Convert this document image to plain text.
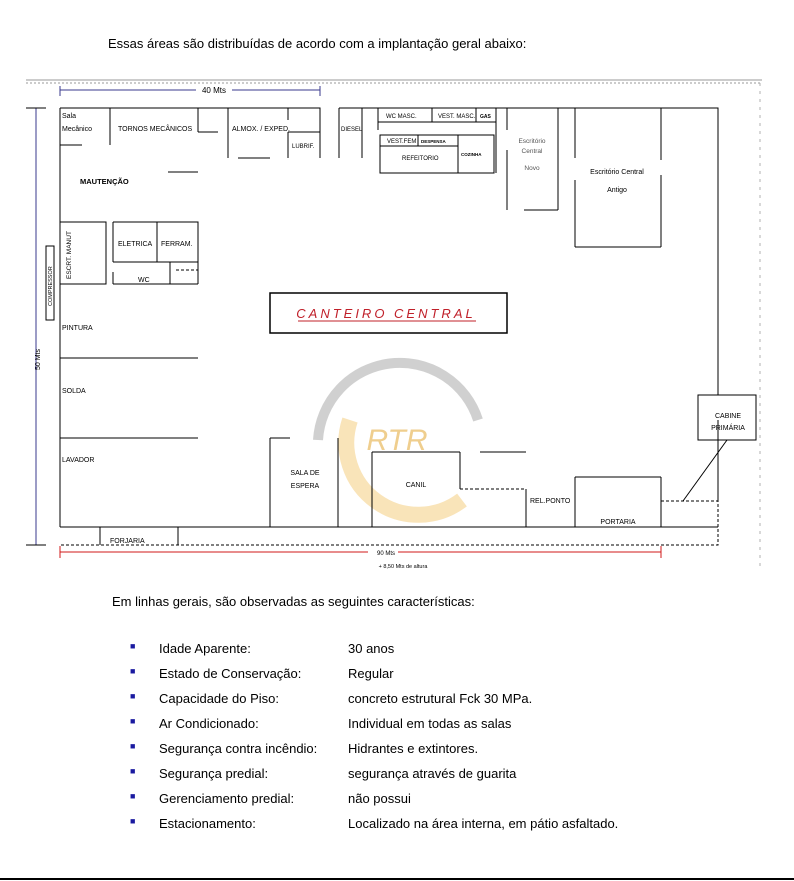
Essas áreas são distribuídas de acordo com a implantação geral abaixo:
RTR
40 Mts
50 Mts
90 Mts
+ 8,50 Mts de altura
Sala
Mecânico	TORNOS MECÂNICOS	ALMOX. / EXPED.
LUBRIF.
DIESEL
WC MASC.	VEST. MASC. GAS
VEST.FEM DESPENSA
REFEITORIO
COZINHA
Escritório
Central
Novo
Escritório Central
Antigo
MAUTENÇÃO
ESCRT. MANUT	ELETRICA FERRAM.
WC
COMPRESSOR
CANTEIRO CENTRAL
PINTURA
SOLDA
LAVADOR
FORJARIA
SALA DE
ESPERA	CANIL
REL.PONTO
PORTARIA
CABINE
PRIMÁRIA
Em linhas gerais, são observadas as seguintes características:
■ Idade Aparente:	30 anos
■ Estado de Conservação:	Regular
■ Capacidade do Piso:	concreto estrutural Fck 30 MPa.
■ Ar Condicionado:	Individual em todas as salas
■ Segurança contra incêndio: Hidrantes e extintores.
■ Segurança predial:	segurança através de guarita
■ Gerenciamento predial:	não possui
■ Estacionamento:	Localizado na área interna, em pátio asfaltado.
